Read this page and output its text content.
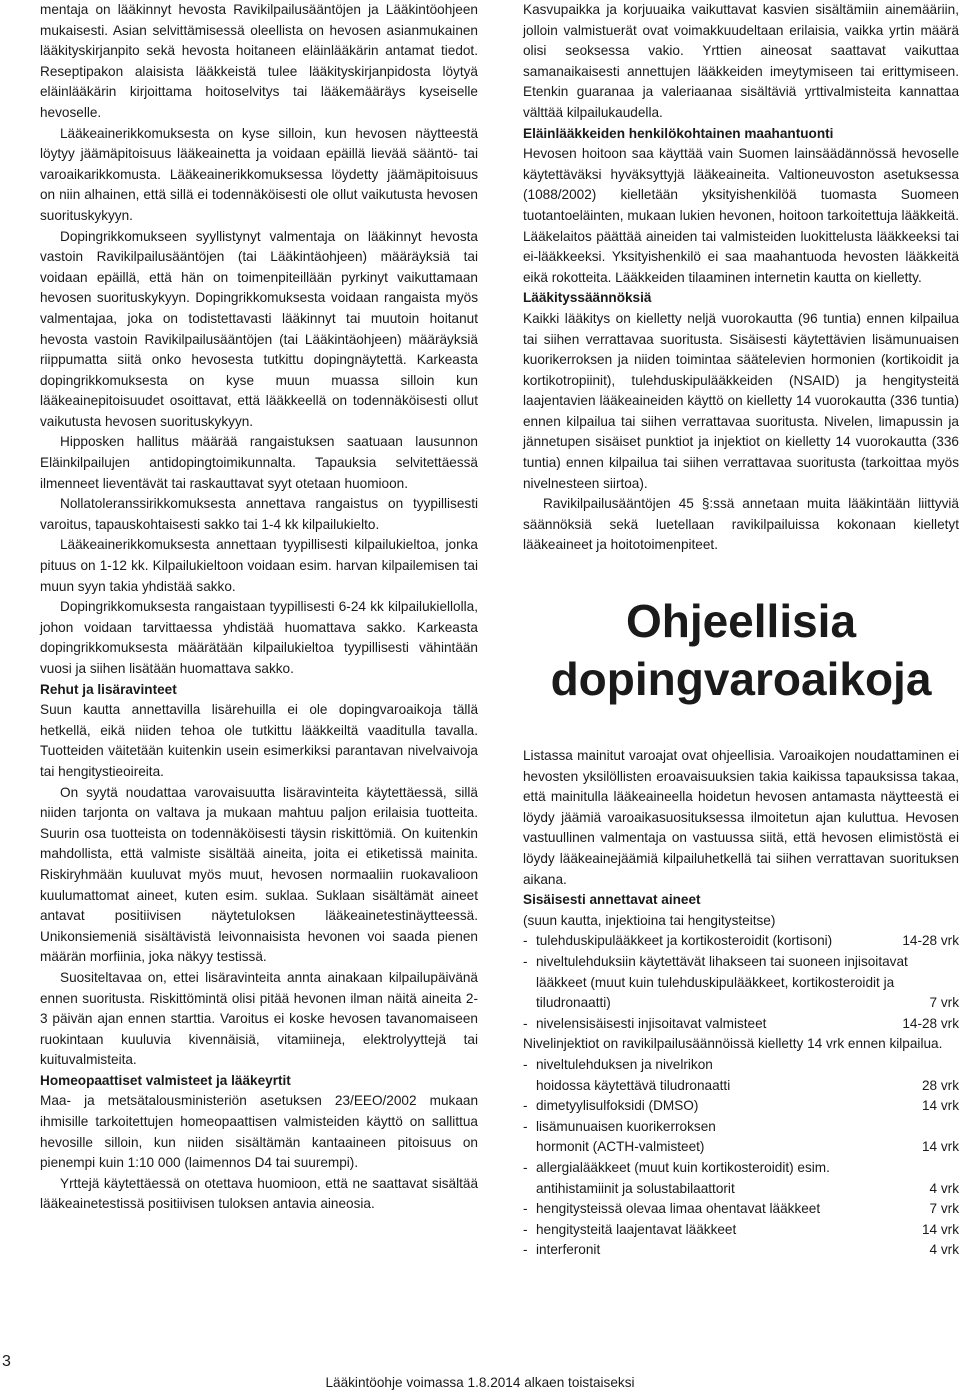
mentaja on lääkinnyt hevosta Ravikilpailusääntöjen ja Lääkintöohjeen mukaisesti. Asian selvittämisessä oleellista on hevosen asianmukainen lääkityskirjanpito sekä hevosta hoitaneen eläinlääkärin antamat tiedot. Reseptipakon alaisista lääkkeistä tulee lääkityskirjanpidosta löytyä eläinlääkärin kirjoittama hoitoselvitys tai lääkemääräys kyseiselle hevoselle.

Lääkeainerikkomuksesta on kyse silloin, kun hevosen näytteestä löytyy jäämäpitoisuus lääkeainetta ja voidaan epäillä lievää sääntö- tai varoaikarikkomusta. Lääkeainerikkomuksessa löydetty jäämäpitoisuus on niin alhainen, että sillä ei todennäköisesti ole ollut vaikutusta hevosen suorituskykyyn.

Dopingrikkomukseen syyllistynyt valmentaja on lääkinnyt hevosta vastoin Ravikilpailusääntöjen (tai Lääkintäohjeen) määräyksiä tai voidaan epäillä, että hän on toimenpiteillään pyrkinyt vaikuttamaan hevosen suorituskykyyn. Dopingrikkomuksesta voidaan rangaista myös valmentajaa, joka on todistettavasti lääkinnyt tai muutoin hoitanut hevosta vastoin Ravikilpailusääntöjen (tai Lääkintäohjeen) määräyksiä riippumatta siitä onko hevosesta tutkittu dopingnäytettä. Karkeasta dopingrikkomuksesta on kyse muun muassa silloin kun lääkeainepitoisuudet osoittavat, että lääkkeellä on todennäköisesti ollut vaikutusta hevosen suorituskykyyn.

Hipposken hallitus määrää rangaistuksen saatuaan lausunnon Eläinkilpailujen antidopingtoimikunnalta. Tapauksia selvitettäessä ilmenneet lieventävät tai raskauttavat syyt otetaan huomioon.

Nollatoleranssirikkomuksesta annettava rangaistus on tyypillisesti varoitus, tapauskohtaisesti sakko tai 1-4 kk kilpailukielto.

Lääkeainerikkomuksesta annettaan tyypillisesti kilpailukieltoa, jonka pituus on 1-12 kk. Kilpailukieltoon voidaan esim. harvan kilpailemisen tai muun syyn takia yhdistää sakko.

Dopingrikkomuksesta rangaistaan tyypillisesti 6-24 kk kilpailukiellolla, johon voidaan tarvittaessa yhdistää huomattava sakko. Karkeasta dopingrikkomuksesta määrätään kilpailukieltoa tyypillisesti vähintään vuosi ja siihen lisätään huomattava sakko.

Rehut ja lisäravinteet

Suun kautta annettavilla lisärehuilla ei ole dopingvaroaikoja tällä hetkellä, eikä niiden tehoa ole tutkittu lääkkeiltä vaaditulla tavalla. Tuotteiden väitetään kuitenkin usein esimerkiksi parantavan nivelvaivoja tai hengitystieoireita.

On syytä noudattaa varovaisuutta lisäravinteita käytettäessä, sillä niiden tarjonta on valtava ja mukaan mahtuu paljon erilaisia tuotteita. Suurin osa tuotteista on todennäköisesti täysin riskittömiä. On kuitenkin mahdollista, että valmiste sisältää aineita, joita ei etiketissä mainita. Riskiryhmään kuuluvat myös muut, hevosen normaaliin ruokavalioon kuulumattomat aineet, kuten esim. suklaa. Suklaan sisältämät aineet antavat positiivisen näytetuloksen lääkeainetestinäytteessä. Unikonsiemeniä sisältävistä leivonnaisista hevonen voi saada pienen määrän morfiinia, joka näkyy testissä.

Suositeltavaa on, ettei lisäravinteita annta ainakaan kilpailupäivänä ennen suoritusta. Riskittömintä olisi pitää hevonen ilman näitä aineita 2-3 päivän ajan ennen starttia. Varoitus ei koske hevosen tavanomaiseen ruokintaan kuuluvia kivennäisiä, vitamiineja, elektrolyyttejä tai kuituvalmisteita.

Homeopaattiset valmisteet ja lääkeyrtit

Maa- ja metsätalousministeriön asetuksen 23/EEO/2002 mukaan ihmisille tarkoitettujen homeopaattisen valmisteiden käyttö on sallittua hevosille silloin, kun niiden sisältämän kantaaineen pitoisuus on pienempi kuin 1:10 000 (laimennos D4 tai suurempi).

Yrttejä käytettäessä on otettava huomioon, että ne saattavat sisältää lääkeainetestissä positiivisen tuloksen antavia aineosia.

Kasvupaikka ja korjuuaika vaikuttavat kasvien sisältämiin ainemääriin, jolloin valmistuerät ovat voimakkuudeltaan erilaisia, vaikka yrtin määrä olisi seoksessa vakio. Yrttien aineosat saattavat vaikuttaa samanaikaisesti annettujen lääkkeiden imeytymiseen tai erittymiseen. Etenkin guaranaa ja valeriaanaa sisältäviä yrttivalmisteita kannattaa välttää kilpailukaudella.

Eläinlääkkeiden henkilökohtainen maahantuonti

Hevosen hoitoon saa käyttää vain Suomen lainsäädännössä hevoselle käytettäväksi hyväksyttyjä lääkeaineita. Valtioneuvoston asetuksessa (1088/2002) kielletään yksityishenkilöä tuomasta Suomeen tuotantoeläinten, mukaan lukien hevonen, hoitoon tarkoitettuja lääkkeitä. Lääkelaitos päättää aineiden tai valmisteiden luokittelusta lääkkeeksi tai ei-lääkkeeksi. Yksityishenkilö ei saa maahantuoda hevosten lääkkeitä eikä rokotteita. Lääkkeiden tilaaminen internetin kautta on kielletty.

Lääkityssäännöksiä

Kaikki lääkitys on kielletty neljä vuorokautta (96 tuntia) ennen kilpailua tai siihen verrattavaa suoritusta. Sisäisesti käytettävien lisämunuaisen kuorikerroksen ja niiden toimintaa säätelevien hormonien (kortikoidit ja kortikotropiinit), tulehduskipulääkkeiden (NSAID) ja hengitysteitä laajentavien lääkeaineiden käyttö on kielletty 14 vuorokautta (336 tuntia) ennen kilpailua tai siihen verrattavaa suoritusta. Nivelen, limapussin ja jännetupen sisäiset punktiot ja injektiot on kielletty 14 vuorokautta (336 tuntia) ennen kilpailua tai siihen verrattavaa suoritusta (tarkoittaa myös nivelnesteen siirtoa).

Ravikilpailusääntöjen 45 §:ssä annetaan muita lääkintään liittyviä säännöksiä sekä luetellaan ravikilpailuissa kokonaan kielletyt lääkeaineet ja hoitotoimenpiteet.

Ohjeellisia
dopingvaroaikoja

Listassa mainitut varoajat ovat ohjeellisia. Varoaikojen noudattaminen ei hevosten yksilöllisten eroavaisuuksien takia kaikissa tapauksissa takaa, että mainitulla lääkeaineella hoidetun hevosen antamasta näytteestä ei löydy jäämiä varoaikasuosituksessa ilmoitetun ajan kuluttua. Hevosen vastuullinen valmentaja on vastuussa siitä, että hevosen elimistöstä ei löydy lääkeainejäämiä kilpailuhetkellä tai siihen verrattavan suorituksen aikana.

Sisäisesti annettavat aineet

(suun kautta, injektioina tai hengitysteitse)

- tulehduskipulääkkeet ja kortikosteroidit (kortisoni)	14-28 vrk
- niveltulehduksiin käytettävät lihakseen tai suoneen injisoitavat lääkkeet (muut kuin tulehduskipulääkkeet, kortikosteroidit ja tiludronaatti)	7 vrk
- nivelensisäisesti injisoitavat valmisteet	14-28 vrk

Nivelinjektiot on ravikilpailusäännöissä kielletty 14 vrk ennen kilpailua.

- niveltulehduksen ja nivelrikon hoidossa käytettävä tiludronaatti	28 vrk
- dimetyylisulfoksidi (DMSO)	14 vrk
- lisämunuaisen kuorikerroksen hormonit (ACTH-valmisteet)	14 vrk
- allergialääkkeet (muut kuin kortikosteroidit) esim. antihistamiinit ja solustabilaattorit	4 vrk
- hengitysteissä olevaa limaa ohentavat lääkkeet	7 vrk
- hengitysteitä laajentavat lääkkeet	14 vrk
- interferonit	4 vrk
3
Lääkintöohje voimassa 1.8.2014 alkaen toistaiseksi
